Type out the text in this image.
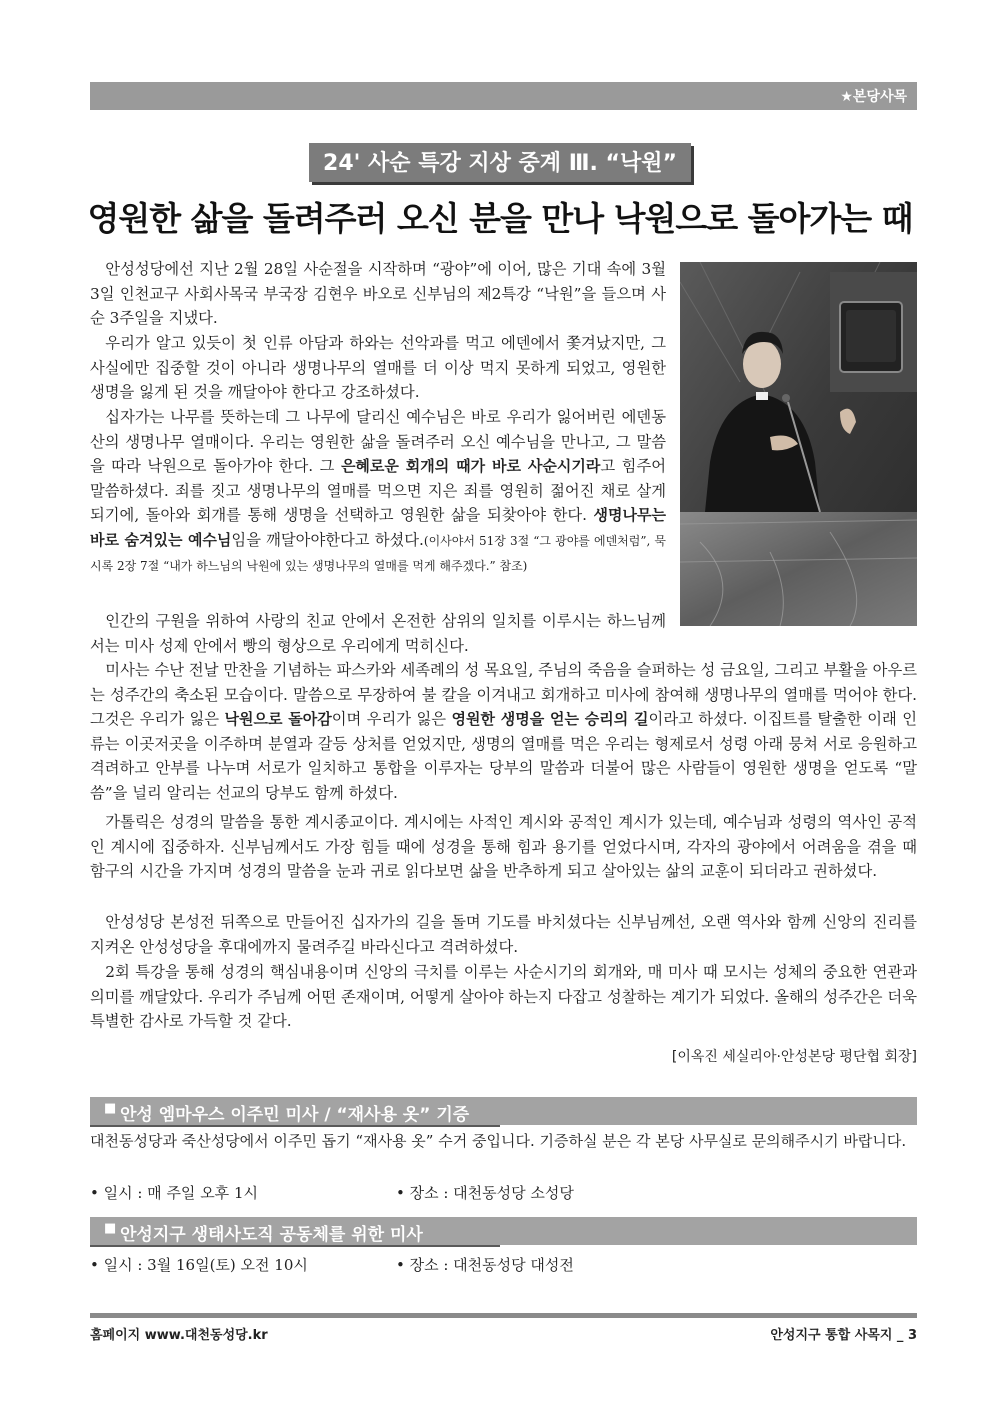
★본당사목
24' 사순 특강 지상 중계 Ⅲ. “낙원”
영원한 삶을 돌려주러 오신 분을 만나 낙원으로 돌아가는 때

 안성성당에선 지난 2월 28일 사순절을 시작하며 “광야”에 이어, 많은 기대 속에 3월 3일 인천교구 사회사목국 부국장 김현우 바오로 신부님의 제2특강 “낙원”을 들으며 사순 3주일을 지냈다.

 우리가 알고 있듯이 첫 인류 아담과 하와는 선악과를 먹고 에덴에서 쫓겨났지만, 그 사실에만 집중할 것이 아니라 생명나무의 열매를 더 이상 먹지 못하게 되었고, 영원한 생명을 잃게 된 것을 깨달아야 한다고 강조하셨다.

 십자가는 나무를 뜻하는데 그 나무에 달리신 예수님은 바로 우리가 잃어버린 에덴동산의 생명나무 열매이다. 우리는 영원한 삶을 돌려주러 오신 예수님을 만나고, 그 말씀을 따라 낙원으로 돌아가야 한다. 그 은혜로운 회개의 때가 바로 사순시기라고 힘주어 말씀하셨다. 죄를 짓고 생명나무의 열매를 먹으면 지은 죄를 영원히 젊어진 채로 살게 되기에, 돌아와 회개를 통해 생명을 선택하고 영원한 삶을 되찾아야 한다. 생명나무는 바로 숨겨있는 예수님임을 깨달아야한다고 하셨다.(이사야서 51장 3절 “그 광야를 에덴처럼”, 묵시록 2장 7절 “내가 하느님의 낙원에 있는 생명나무의 열매를 먹게 해주겠다.” 참조)

 인간의 구원을 위하여 사랑의 친교 안에서 온전한 삼위의 일치를 이루시는 하느님께서는 미사 성제 안에서 빵의 형상으로 우리에게 먹히신다.

 미사는 수난 전날 만찬을 기념하는 파스카와 세족례의 성 목요일, 주님의 죽음을 슬퍼하는 성 금요일, 그리고 부활을 아우르는 성주간의 축소된 모습이다. 말씀으로 무장하여 불 칼을 이겨내고 회개하고 미사에 참여해 생명나무의 열매를 먹어야 한다. 그것은 우리가 잃은 낙원으로 돌아감이며 우리가 잃은 영원한 생명을 얻는 승리의 길이라고 하셨다. 이집트를 탈출한 이래 인류는 이곳저곳을 이주하며 분열과 갈등 상처를 얻었지만, 생명의 열매를 먹은 우리는 형제로서 성령 아래 뭉쳐 서로 응원하고 격려하고 안부를 나누며 서로가 일치하고 통합을 이루자는 당부의 말씀과 더불어 많은 사람들이 영원한 생명을 얻도록 “말씀”을 널리 알리는 선교의 당부도 함께 하셨다.

 가톨릭은 성경의 말씀을 통한 계시종교이다. 계시에는 사적인 계시와 공적인 계시가 있는데, 예수님과 성령의 역사인 공적인 계시에 집중하자. 신부님께서도 가장 힘들 때에 성경을 통해 힘과 용기를 얻었다시며, 각자의 광야에서 어려움을 겪을 때 함구의 시간을 가지며 성경의 말씀을 눈과 귀로 읽다보면 삶을 반추하게 되고 살아있는 삶의 교훈이 되더라고 권하셨다.

 안성성당 본성전 뒤쪽으로 만들어진 십자가의 길을 돌며 기도를 바치셨다는 신부님께선, 오랜 역사와 함께 신앙의 진리를 지켜온 안성성당을 후대에까지 물려주길 바라신다고 격려하셨다.

 2회 특강을 통해 성경의 핵심내용이며 신앙의 극치를 이루는 사순시기의 회개와, 매 미사 때 모시는 성체의 중요한 연관과 의미를 깨달았다. 우리가 주님께 어떤 존재이며, 어떻게 살아야 하는지 다잡고 성찰하는 계기가 되었다. 올해의 성주간은 더욱 특별한 감사로 가득할 것 같다.

[이옥진 세실리아·안성본당 평단협 회장]
■ 안성 엠마우스 이주민 미사 / “재사용 옷” 기증

대천동성당과 죽산성당에서 이주민 돕기 “재사용 옷” 수거 중입니다. 기증하실 분은 각 본당 사무실로 문의해주시기 바랍니다.

• 일시 : 매 주일 오후 1시	• 장소 : 대천동성당 소성당
■ 안성지구 생태사도직 공동체를 위한 미사
• 일시 : 3월 16일(토) 오전 10시	• 장소 : 대천동성당 대성전
홈페이지 www.대천동성당.kr	안성지구 통합 사목지 _ 3
